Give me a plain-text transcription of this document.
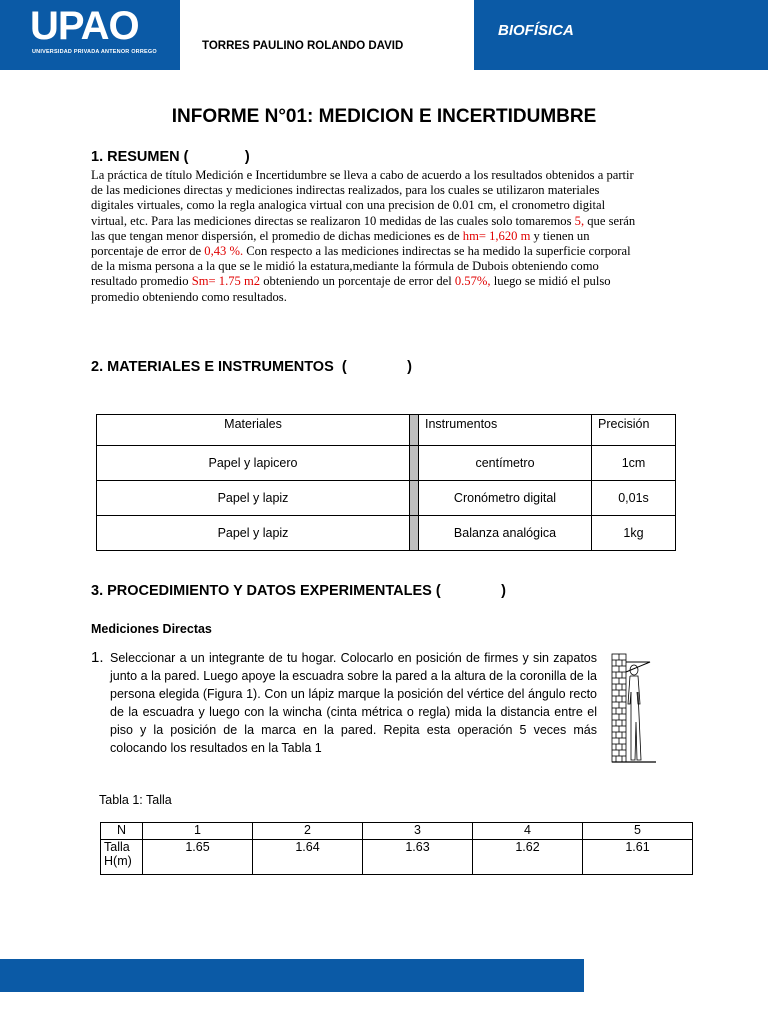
UPAO
UNIVERSIDAD PRIVADA ANTENOR ORREGO	TORRES PAULINO ROLANDO DAVID
BIOFÍSICA
INFORME N°01: MEDICION E INCERTIDUMBRE
1. RESUMEN (              )
La práctica de título Medición e Incertidumbre se lleva a cabo de acuerdo a los resultados obtenidos a partir de las mediciones directas y mediciones indirectas realizados, para los cuales se utilizaron materiales digitales virtuales, como la regla analogica virtual con una precision de 0.01 cm, el cronometro digital virtual, etc. Para las mediciones directas se realizaron 10 medidas de las cuales solo tomaremos 5, que serán las que tengan menor dispersión, el promedio de dichas mediciones es de hm= 1,620 m y tienen un porcentaje de error de 0,43 %. Con respecto a las mediciones indirectas se ha medido la superficie corporal de la misma persona a la que se le midió la estatura,mediante la fórmula de Dubois obteniendo como resultado promedio Sm= 1.75 m2 obteniendo un porcentaje de error del 0.57%, luego se midió el pulso promedio obteniendo como resultados.
2. MATERIALES E INSTRUMENTOS  (               )
Materiales		Instrumentos	Precisión
Papel y lapicero		centímetro	1cm
Papel y lapiz		Cronómetro digital	0,01s
Papel y lapiz		Balanza analógica	1kg
3. PROCEDIMIENTO Y DATOS EXPERIMENTALES (               )
Mediciones Directas
1. Seleccionar a un integrante de tu hogar. Colocarlo en posición de firmes y sin zapatos junto a la pared. Luego apoye la escuadra sobre la pared a la altura de la coronilla de la persona elegida (Figura 1). Con un lápiz marque la posición del vértice del ángulo recto de la escuadra y luego con la wincha (cinta métrica o regla) mida la distancia entre el piso y la posición de la marca en la pared. Repita esta operación 5 veces más colocando los resultados en la Tabla 1
Tabla 1: Talla
N	1	2	3	4	5
Talla H(m)	1.65	1.64	1.63	1.62	1.61
